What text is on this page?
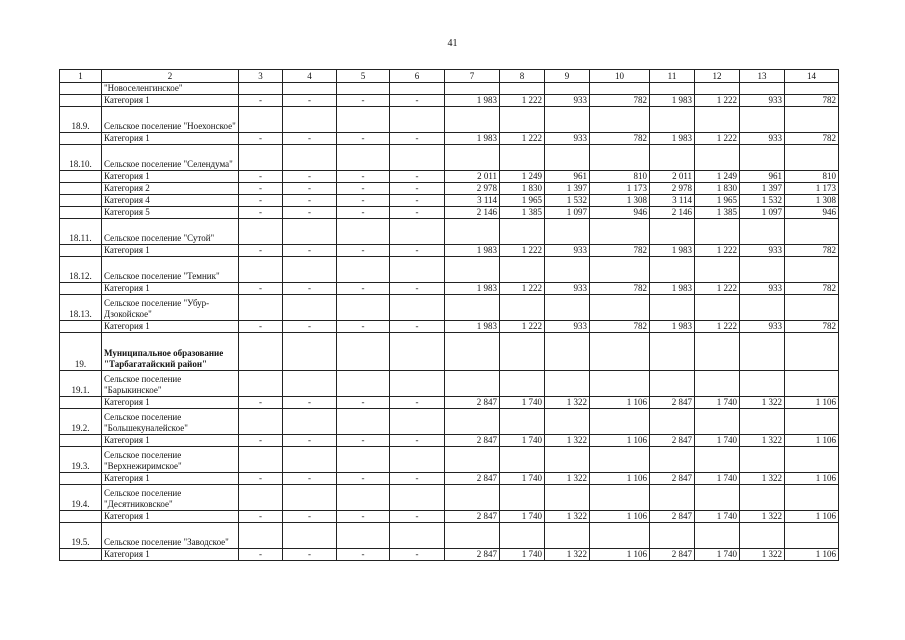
41
1	2	3	4	5	6	7	8	9	10	11	12	13	14
	"Новоселенгинское"												
	Категория 1	-	-	-	-	1 983	1 222	933	782	1 983	1 222	933	782
18.9.	Сельское поселение "Ноехонское"												
	Категория 1	-	-	-	-	1 983	1 222	933	782	1 983	1 222	933	782
18.10.	Сельское поселение "Селендума"												
	Категория 1	-	-	-	-	2 011	1 249	961	810	2 011	1 249	961	810
	Категория 2	-	-	-	-	2 978	1 830	1 397	1 173	2 978	1 830	1 397	1 173
	Категория 4	-	-	-	-	3 114	1 965	1 532	1 308	3 114	1 965	1 532	1 308
	Категория 5	-	-	-	-	2 146	1 385	1 097	946	2 146	1 385	1 097	946
18.11.	Сельское поселение "Сутой"												
	Категория 1	-	-	-	-	1 983	1 222	933	782	1 983	1 222	933	782
18.12.	Сельское поселение "Темник"												
	Категория 1	-	-	-	-	1 983	1 222	933	782	1 983	1 222	933	782
18.13.	Сельское поселение "Убур-Дзокойское"												
	Категория 1	-	-	-	-	1 983	1 222	933	782	1 983	1 222	933	782
19.	Муниципальное образование "Тарбагатайский район"												
19.1.	Сельское поселение "Барыкинское"												
	Категория 1	-	-	-	-	2 847	1 740	1 322	1 106	2 847	1 740	1 322	1 106
19.2.	Сельское поселение "Большекуналейское"												
	Категория 1	-	-	-	-	2 847	1 740	1 322	1 106	2 847	1 740	1 322	1 106
19.3.	Сельское поселение "Верхнежиримское"												
	Категория 1	-	-	-	-	2 847	1 740	1 322	1 106	2 847	1 740	1 322	1 106
19.4.	Сельское поселение "Десятниковское"												
	Категория 1	-	-	-	-	2 847	1 740	1 322	1 106	2 847	1 740	1 322	1 106
19.5.	Сельское поселение "Заводское"												
	Категория 1	-	-	-	-	2 847	1 740	1 322	1 106	2 847	1 740	1 322	1 106
